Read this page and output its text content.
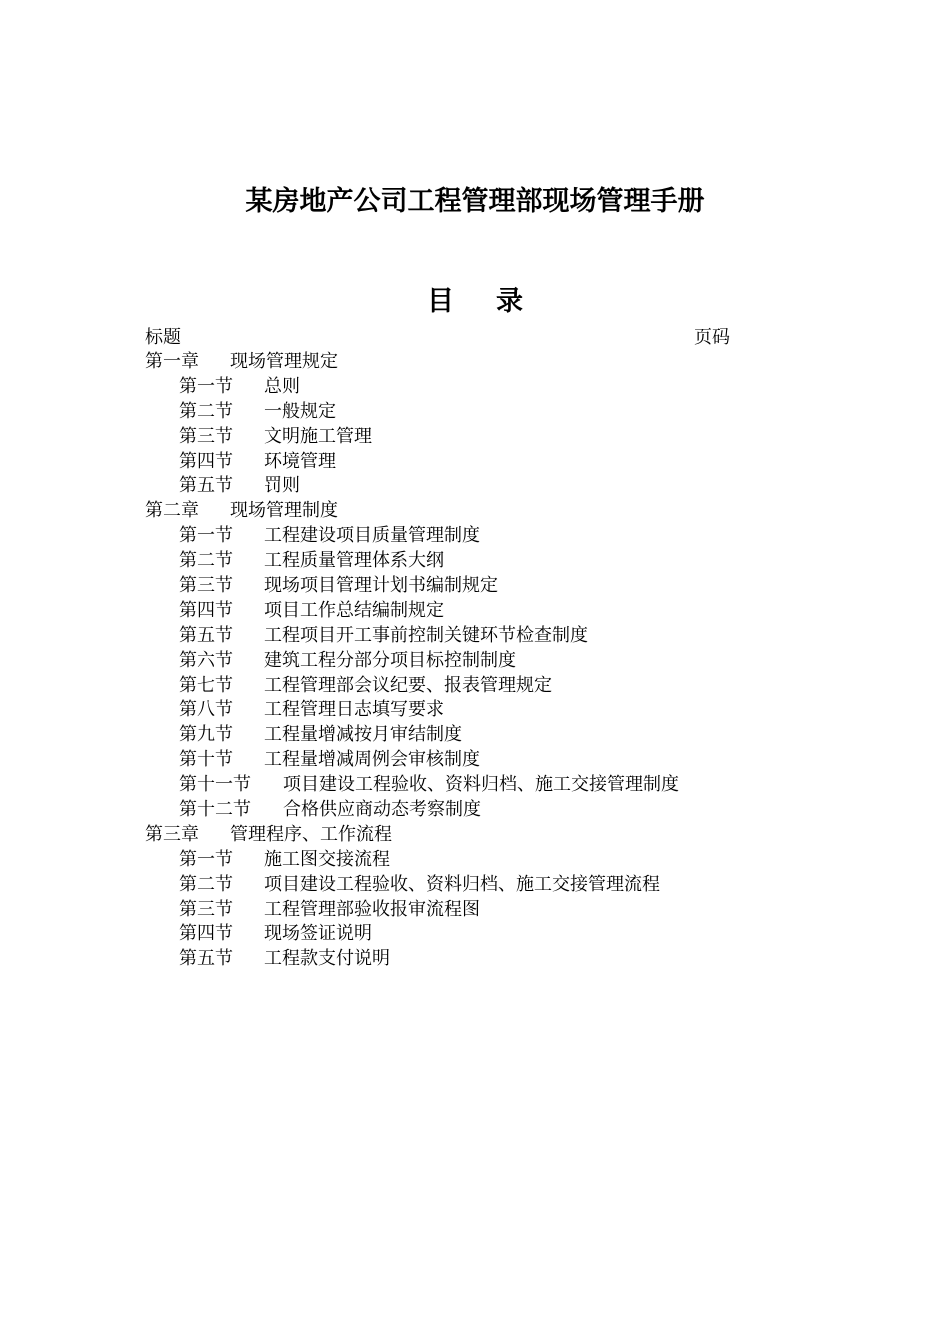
某房地产公司工程管理部现场管理手册
目录
标题	页码
第一章 现场管理规定
第一节 总则
第二节 一般规定
第三节 文明施工管理
第四节 环境管理
第五节 罚则
第二章 现场管理制度
第一节 工程建设项目质量管理制度
第二节 工程质量管理体系大纲
第三节 现场项目管理计划书编制规定
第四节 项目工作总结编制规定
第五节 工程项目开工事前控制关键环节检查制度
第六节 建筑工程分部分项目标控制制度
第七节 工程管理部会议纪要、报表管理规定
第八节 工程管理日志填写要求
第九节 工程量增减按月审结制度
第十节 工程量增减周例会审核制度
第十一节 项目建设工程验收、资料归档、施工交接管理制度
第十二节 合格供应商动态考察制度
第三章 管理程序、工作流程
第一节 施工图交接流程
第二节 项目建设工程验收、资料归档、施工交接管理流程
第三节 工程管理部验收报审流程图
第四节 现场签证说明
第五节 工程款支付说明
